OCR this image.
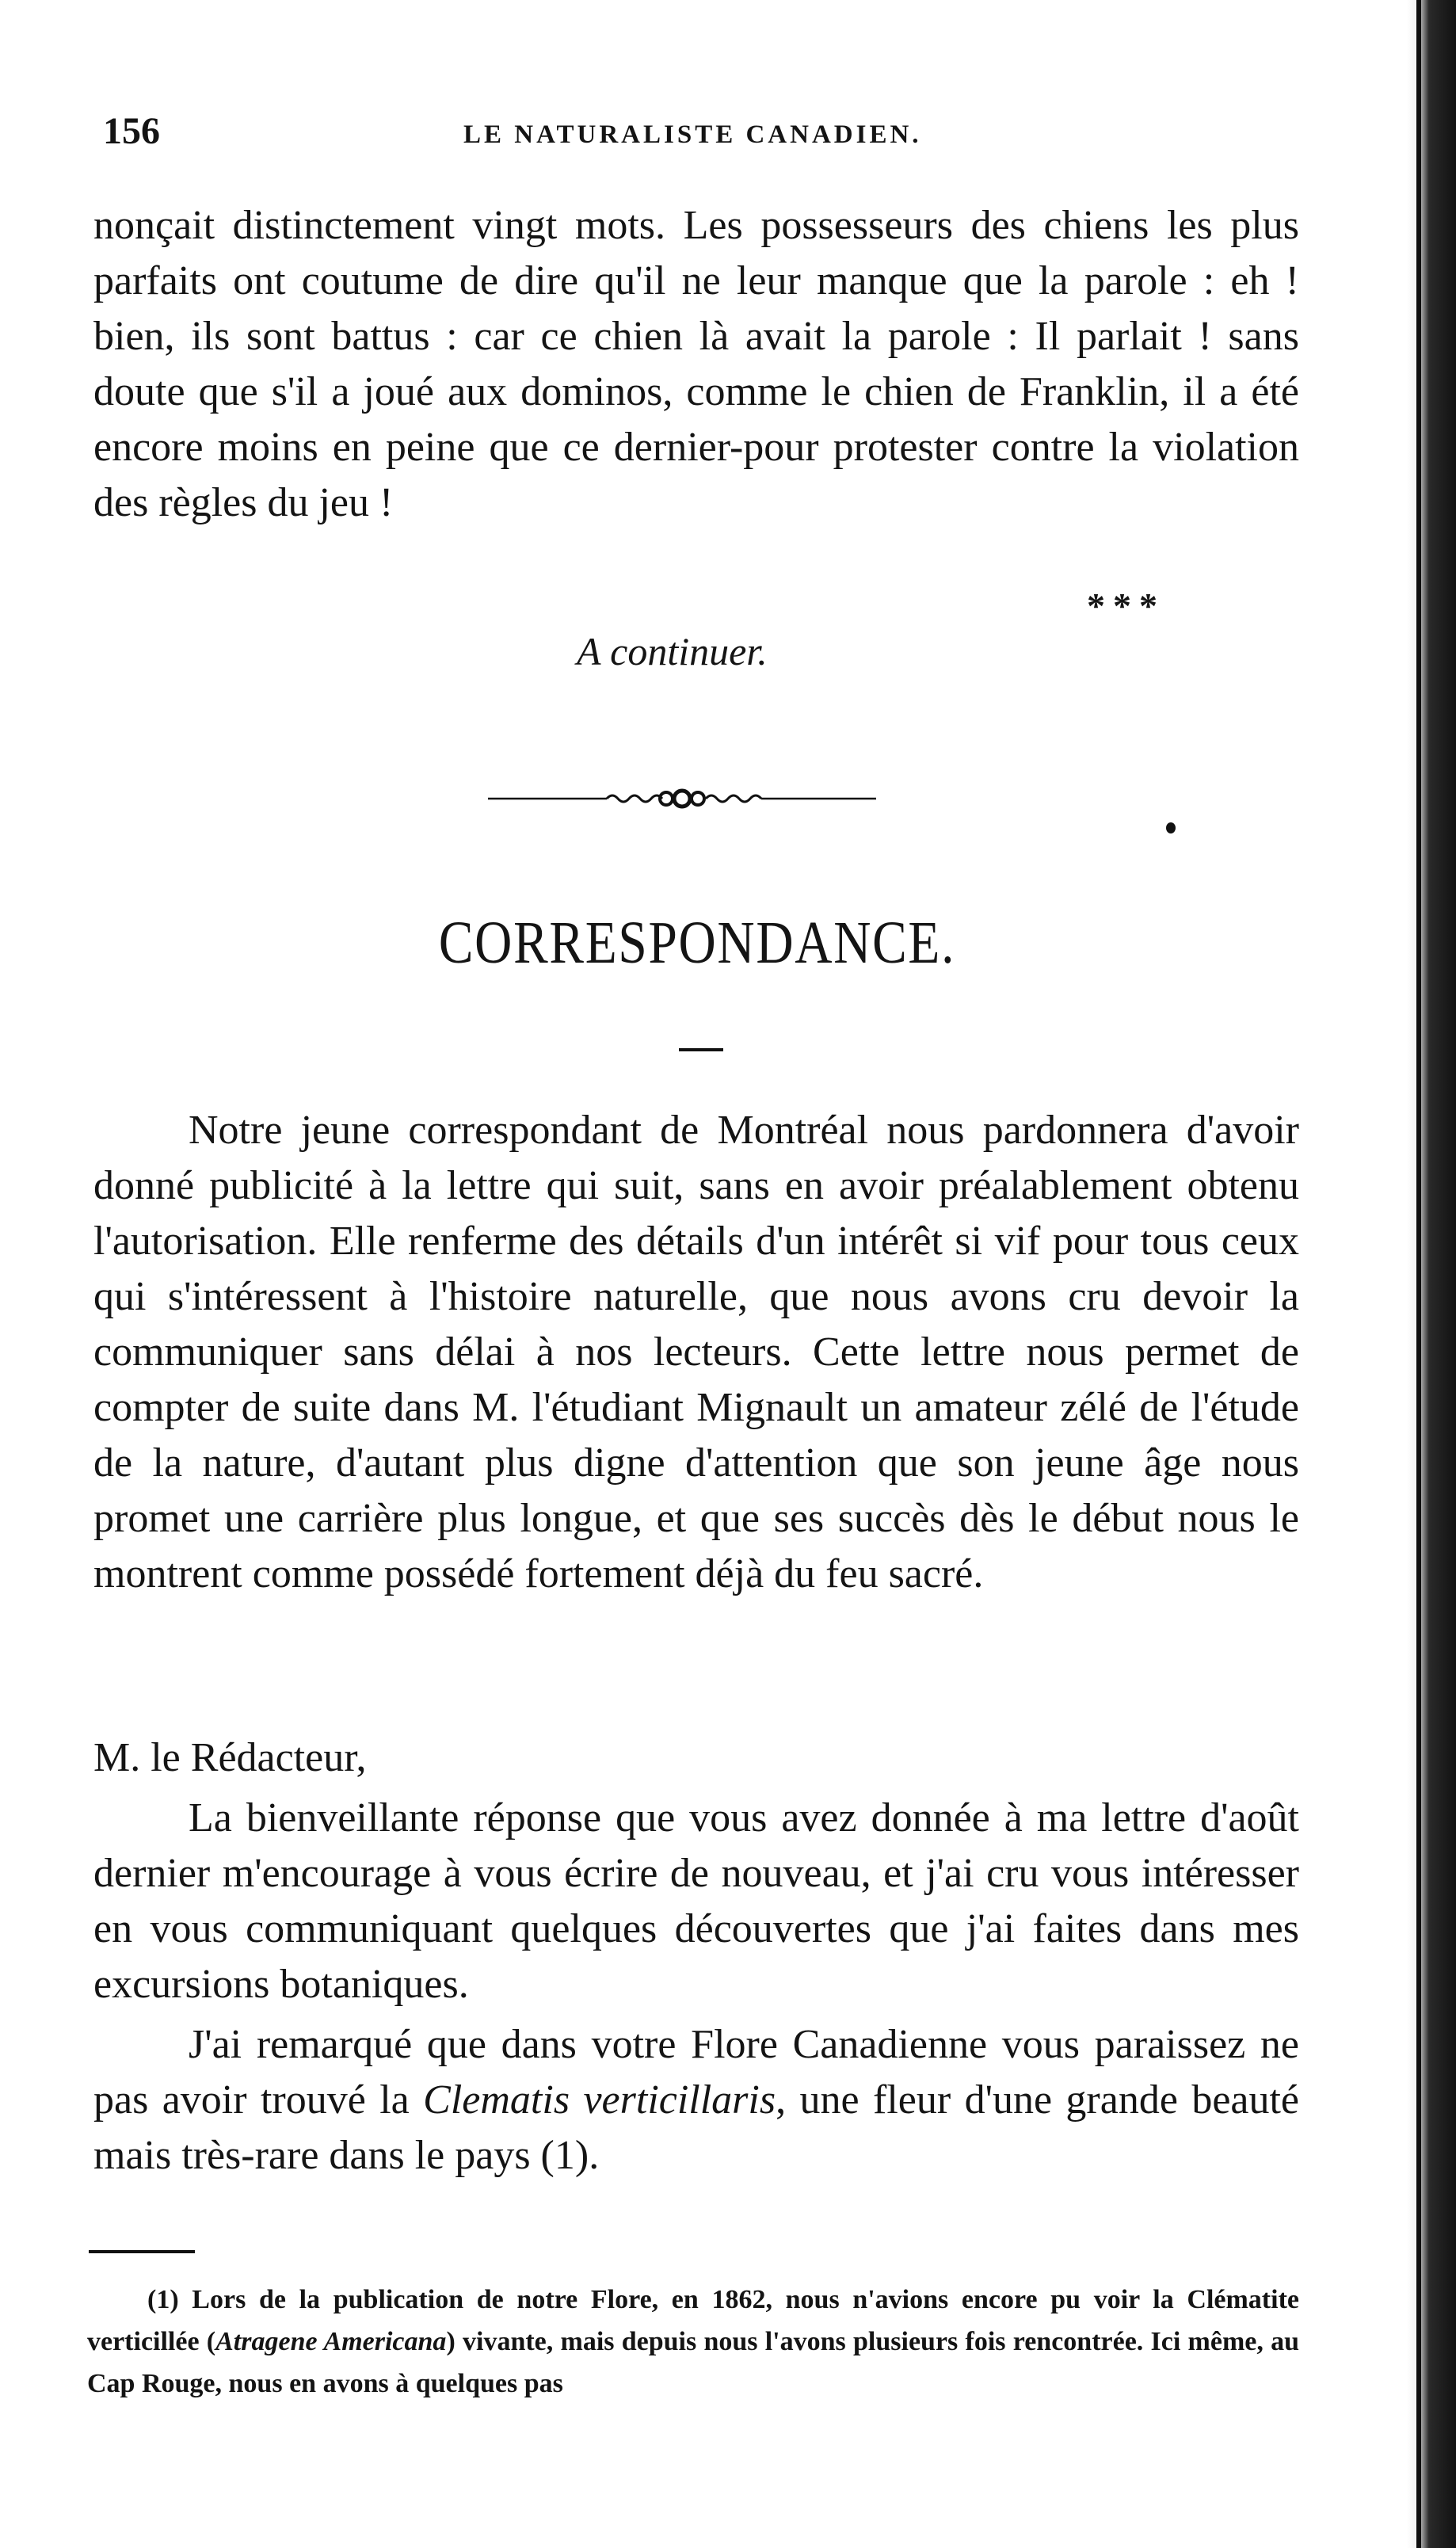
156	LE NATURALISTE CANADIEN.

nonçait distinctement vingt mots. Les possesseurs des chiens les plus parfaits ont coutume de dire qu'il ne leur manque que la parole : eh ! bien, ils sont battus : car ce chien là avait la parole : Il parlait ! sans doute que s'il a joué aux dominos, comme le chien de Franklin, il a été encore moins en peine que ce dernier-pour protester contre la violation des règles du jeu !

***
A continuer.
CORRESPONDANCE.

Notre jeune correspondant de Montréal nous pardonnera d'avoir donné publicité à la lettre qui suit, sans en avoir préalablement obtenu l'autorisation. Elle renferme des détails d'un intérêt si vif pour tous ceux qui s'intéressent à l'histoire naturelle, que nous avons cru devoir la communiquer sans délai à nos lecteurs. Cette lettre nous permet de compter de suite dans M. l'étudiant Mignault un amateur zélé de l'étude de la nature, d'autant plus digne d'attention que son jeune âge nous promet une carrière plus longue, et que ses succès dès le début nous le montrent comme possédé fortement déjà du feu sacré.

M. le Rédacteur,

La bienveillante réponse que vous avez donnée à ma lettre d'août dernier m'encourage à vous écrire de nouveau, et j'ai cru vous intéresser en vous communiquant quelques découvertes que j'ai faites dans mes excursions botaniques.

J'ai remarqué que dans votre Flore Canadienne vous paraissez ne pas avoir trouvé la Clematis verticillaris, une fleur d'une grande beauté mais très-rare dans le pays (1).

(1) Lors de la publication de notre Flore, en 1862, nous n'avions encore pu voir la Clématite verticillée (Atragene Americana) vivante, mais depuis nous l'avons plusieurs fois rencontrée. Ici même, au Cap Rouge, nous en avons à quelques pas
